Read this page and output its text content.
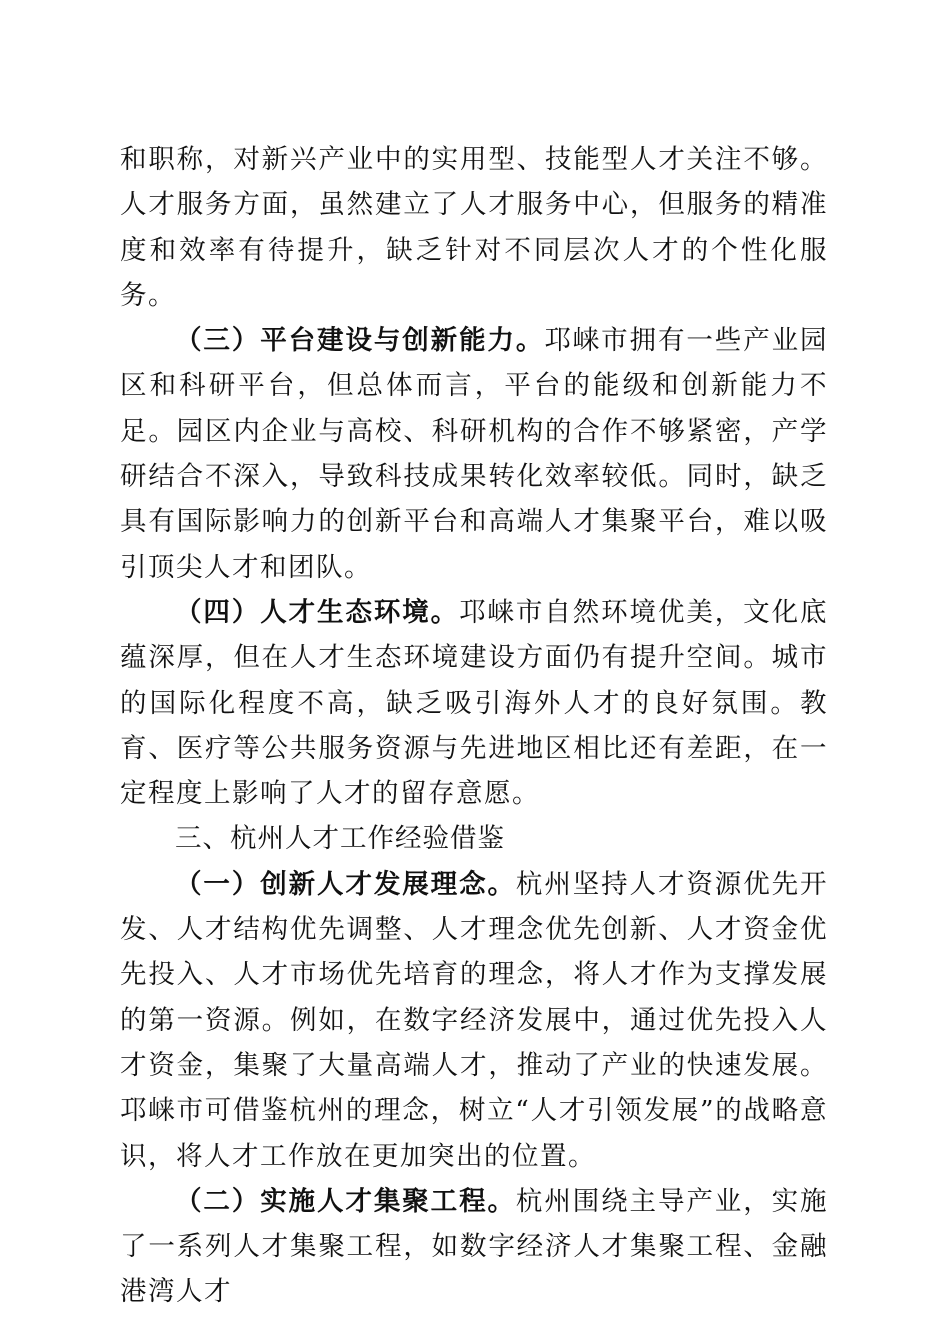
和职称，对新兴产业中的实用型、技能型人才关注不够。人才服务方面，虽然建立了人才服务中心，但服务的精准度和效率有待提升，缺乏针对不同层次人才的个性化服务。

（三）平台建设与创新能力。邛崃市拥有一些产业园区和科研平台，但总体而言，平台的能级和创新能力不足。园区内企业与高校、科研机构的合作不够紧密，产学研结合不深入，导致科技成果转化效率较低。同时，缺乏具有国际影响力的创新平台和高端人才集聚平台，难以吸引顶尖人才和团队。

（四）人才生态环境。邛崃市自然环境优美，文化底蕴深厚，但在人才生态环境建设方面仍有提升空间。城市的国际化程度不高，缺乏吸引海外人才的良好氛围。教育、医疗等公共服务资源与先进地区相比还有差距，在一定程度上影响了人才的留存意愿。

三、杭州人才工作经验借鉴

（一）创新人才发展理念。杭州坚持人才资源优先开发、人才结构优先调整、人才理念优先创新、人才资金优先投入、人才市场优先培育的理念，将人才作为支撑发展的第一资源。例如，在数字经济发展中，通过优先投入人才资金，集聚了大量高端人才，推动了产业的快速发展。邛崃市可借鉴杭州的理念，树立“人才引领发展”的战略意识，将人才工作放在更加突出的位置。

（二）实施人才集聚工程。杭州围绕主导产业，实施了一系列人才集聚工程，如数字经济人才集聚工程、金融港湾人才
